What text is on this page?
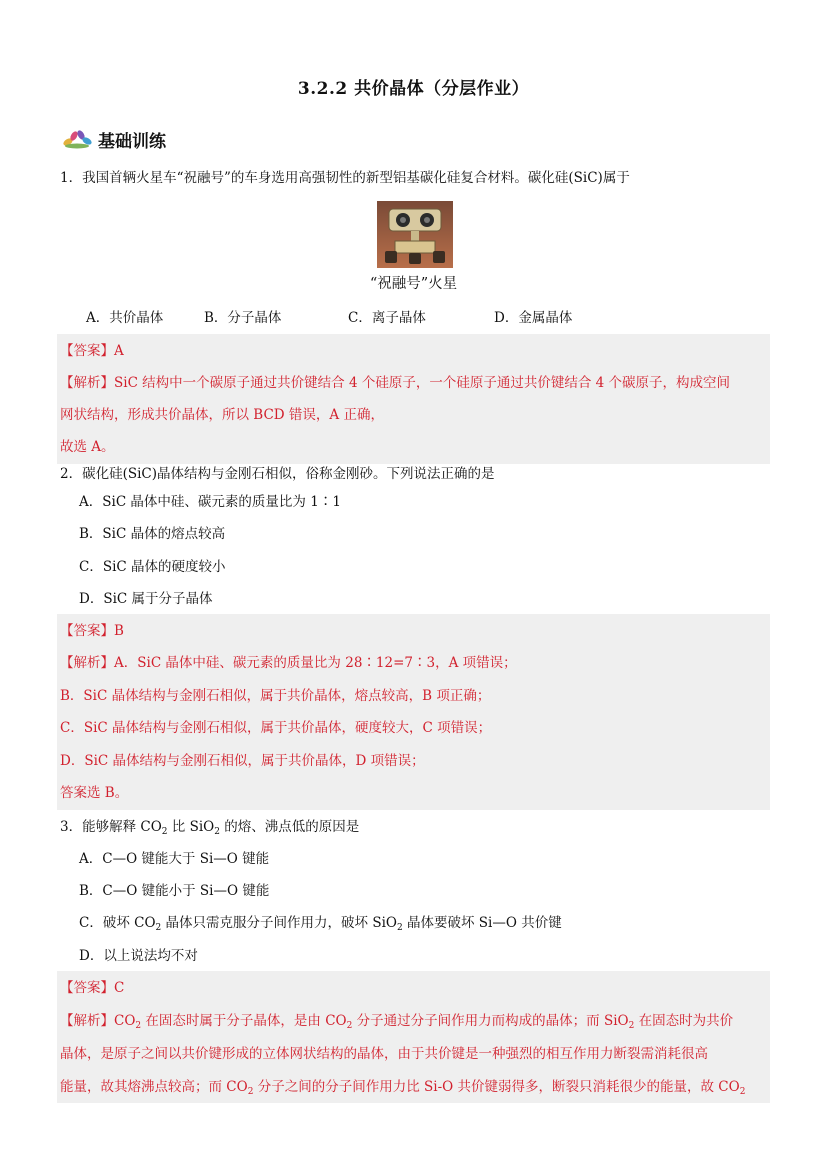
3.2.2 共价晶体（分层作业）
基础训练
1．我国首辆火星车“祝融号”的车身选用高强韧性的新型铝基碳化硅复合材料。碳化硅(SiC)属于
“祝融号”火星
A．共价晶体	B．分子晶体	C．离子晶体	D．金属晶体
【答案】A
【解析】SiC 结构中一个碳原子通过共价键结合 4 个硅原子，一个硅原子通过共价键结合 4 个碳原子，构成空间
网状结构，形成共价晶体，所以 BCD 错误，A 正确，
故选 A。
2．碳化硅(SiC)晶体结构与金刚石相似，俗称金刚砂。下列说法正确的是
A．SiC 晶体中硅、碳元素的质量比为 1∶1
B．SiC 晶体的熔点较高
C．SiC 晶体的硬度较小
D．SiC 属于分子晶体
【答案】B
【解析】A．SiC 晶体中硅、碳元素的质量比为 28∶12=7∶3，A 项错误；
B．SiC 晶体结构与金刚石相似，属于共价晶体，熔点较高，B 项正确；
C．SiC 晶体结构与金刚石相似，属于共价晶体，硬度较大，C 项错误；
D．SiC 晶体结构与金刚石相似，属于共价晶体，D 项错误；
答案选 B。
3．能够解释 $CO_2$ 比 SiO$_2$ 的熔、沸点低的原因是
A．C—O 键能大于 Si—O 键能
B．C—O 键能小于 Si—O 键能
C．破坏 $CO_2$ 晶体只需克服分子间作用力，破坏 SiO$_2$ 晶体要破坏 Si—O 共价键
D．以上说法均不对
【答案】C
【解析】$CO_2$ 在固态时属于分子晶体，是由 $CO_2$ 分子通过分子间作用力而构成的晶体；而 SiO$_2$ 在固态时为共价
晶体，是原子之间以共价键形成的立体网状结构的晶体，由于共价键是一种强烈的相互作用力断裂需消耗很高
能量，故其熔沸点较高；而 $CO_2$ 分子之间的分子间作用力比 Si-O 共价键弱得多，断裂只消耗很少的能量，故 $CO_2$
